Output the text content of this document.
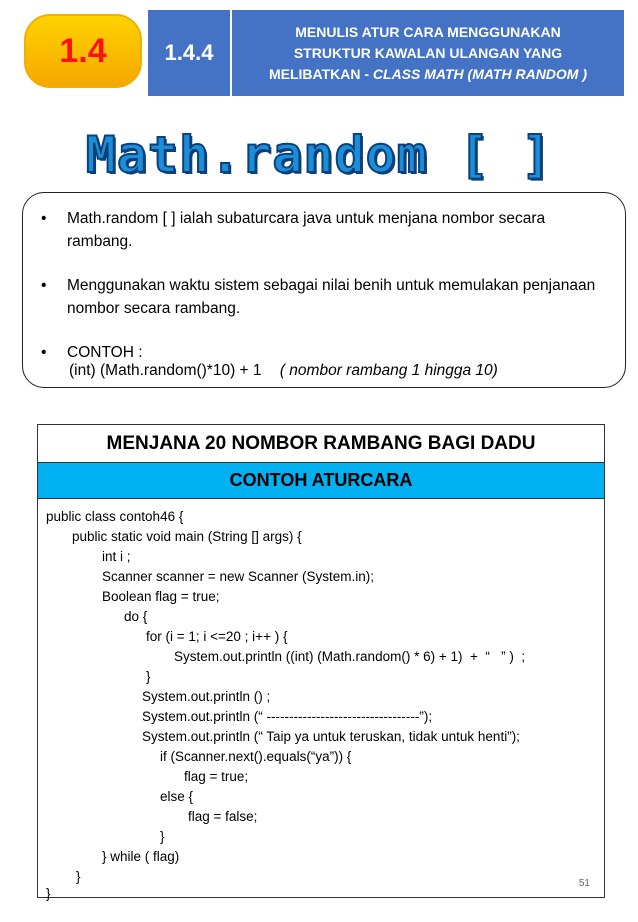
1.4	1.4.4
MENULIS ATUR CARA MENGGUNAKAN
STRUKTUR KAWALAN ULANGAN YANG
MELIBATKAN - CLASS MATH (MATH RANDOM )
Math.random [ ]
• Math.random [ ] ialah subaturcara java untuk menjana nombor secara rambang.
• Menggunakan waktu sistem sebagai nilai benih untuk memulakan penjanaan nombor secara rambang.
• CONTOH :
(int) (Math.random()*10) + 1 ( nombor rambang 1 hingga 10)
MENJANA 20 NOMBOR RAMBANG BAGI DADU
CONTOH ATURCARA
public class contoh46 {
public static void main (String [] args) {
int i ;
Scanner scanner = new Scanner (System.in);
Boolean flag = true;
do {
for (i = 1; i <=20 ; i++ ) {
System.out.println ((int) (Math.random() * 6) + 1)  +  “   ” )  ;
}
System.out.println () ;
System.out.println (“ ----------------------------------”);
System.out.println (“ Taip ya untuk teruskan, tidak untuk henti”);
if (Scanner.next().equals(“ya”)) {
flag = true;
else {
flag = false;
}
} while ( flag)
}
}
51
